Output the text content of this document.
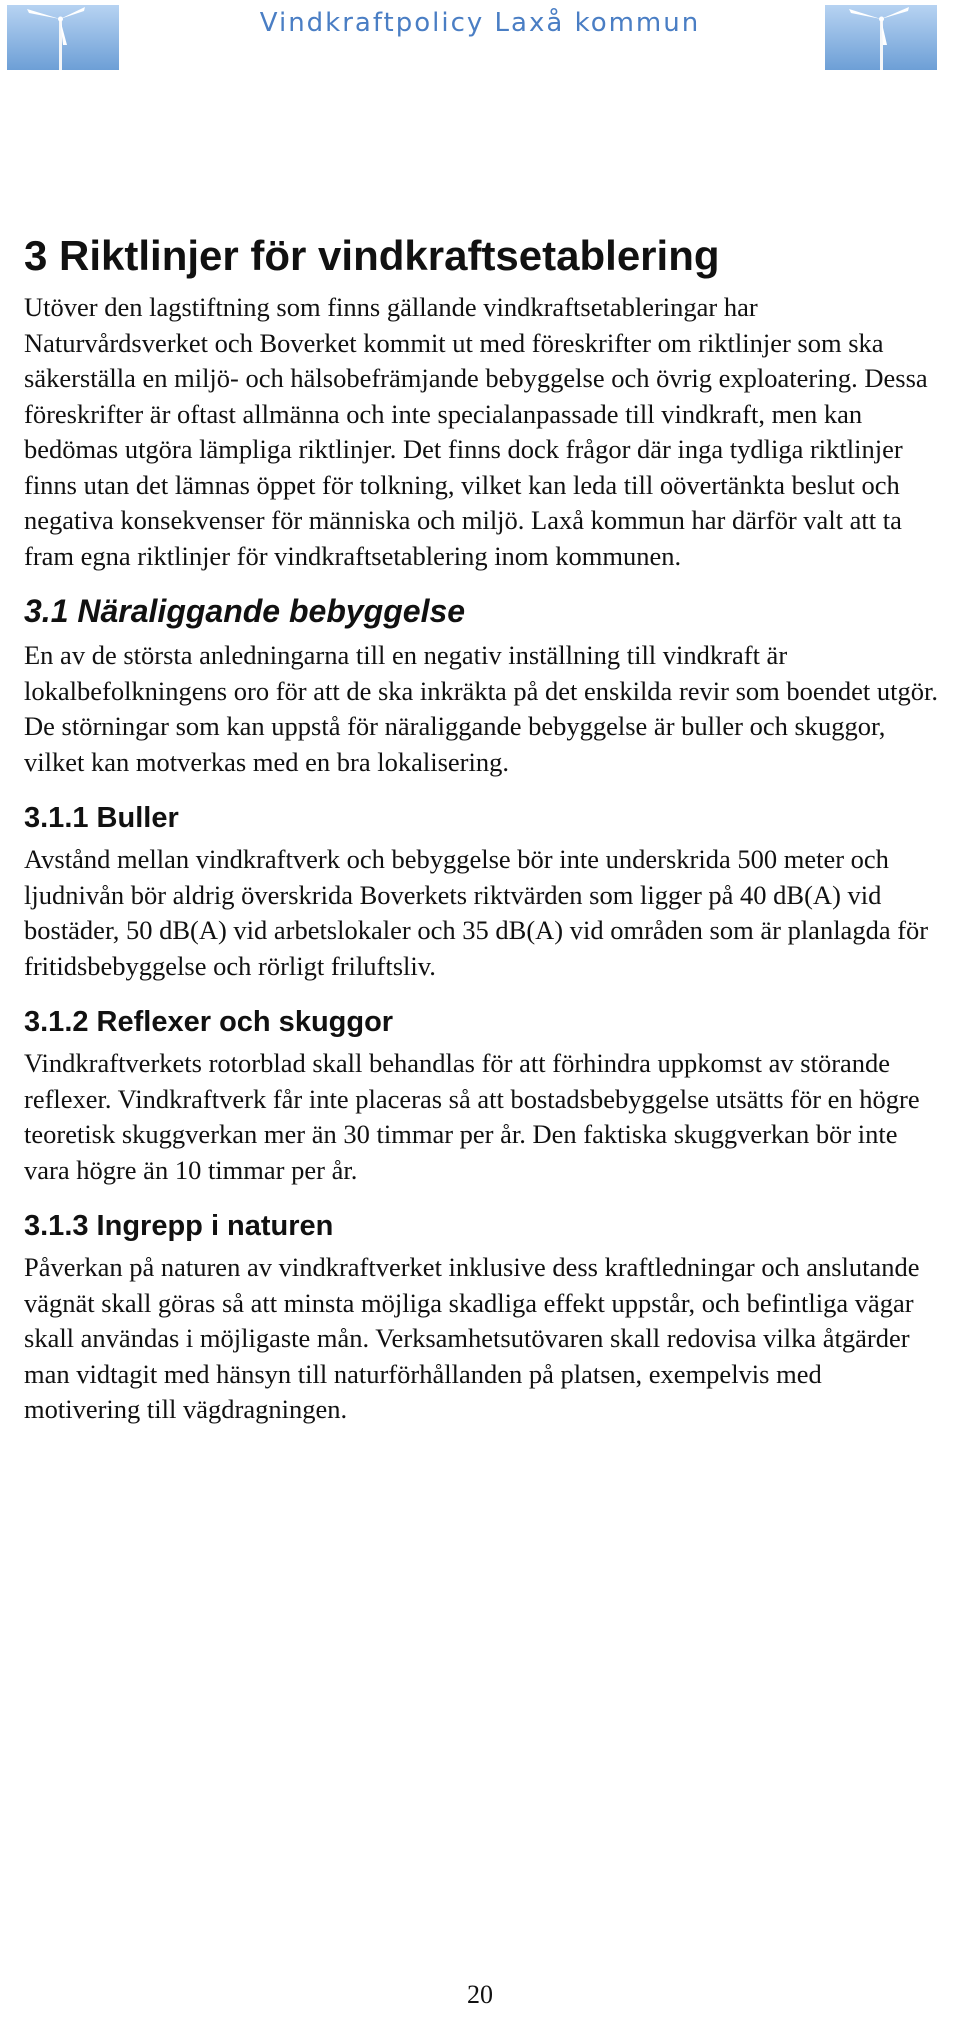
Vindkraftpolicy Laxå kommun
3 Riktlinjer för vindkraftsetablering

Utöver den lagstiftning som finns gällande vindkraftsetableringar har Naturvårdsverket och Boverket kommit ut med föreskrifter om riktlinjer som ska säkerställa en miljö- och hälsobefrämjande bebyggelse och övrig exploatering. Dessa föreskrifter är oftast allmänna och inte specialanpassade till vindkraft, men kan bedömas utgöra lämpliga riktlinjer. Det finns dock frågor där inga tydliga riktlinjer finns utan det lämnas öppet för tolkning, vilket kan leda till oövertänkta beslut och negativa konsekvenser för människa och miljö. Laxå kommun har därför valt att ta fram egna riktlinjer för vindkraftsetablering inom kommunen.

3.1 Näraliggande bebyggelse

En av de största anledningarna till en negativ inställning till vindkraft är lokalbefolkningens oro för att de ska inkräkta på det enskilda revir som boendet utgör. De störningar som kan uppstå för näraliggande bebyggelse är buller och skuggor, vilket kan motverkas med en bra lokalisering.

3.1.1 Buller

Avstånd mellan vindkraftverk och bebyggelse bör inte underskrida 500 meter och ljudnivån bör aldrig överskrida Boverkets riktvärden som ligger på 40 dB(A) vid bostäder, 50 dB(A) vid arbetslokaler och 35 dB(A) vid områden som är planlagda för fritidsbebyggelse och rörligt friluftsliv.

3.1.2 Reflexer och skuggor

Vindkraftverkets rotorblad skall behandlas för att förhindra uppkomst av störande reflexer. Vindkraftverk får inte placeras så att bostadsbebyggelse utsätts för en högre teoretisk skuggverkan mer än 30 timmar per år. Den faktiska skuggverkan bör inte vara högre än 10 timmar per år.

3.1.3 Ingrepp i naturen

Påverkan på naturen av vindkraftverket inklusive dess kraftledningar och anslutande vägnät skall göras så att minsta möjliga skadliga effekt uppstår, och befintliga vägar skall användas i möjligaste mån. Verksamhetsutövaren skall redovisa vilka åtgärder man vidtagit med hänsyn till naturförhållanden på platsen, exempelvis med motivering till vägdragningen.

20
